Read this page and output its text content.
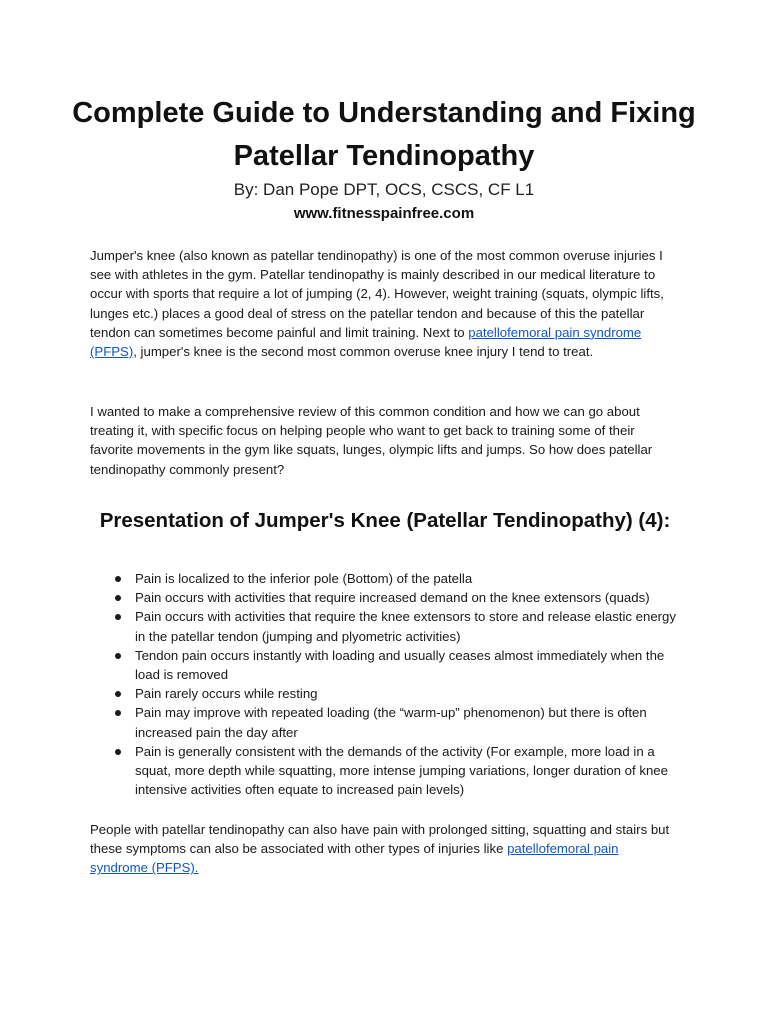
Complete Guide to Understanding and Fixing Patellar Tendinopathy

By: Dan Pope DPT, OCS, CSCS, CF L1

www.fitnesspainfree.com

Jumper's knee (also known as patellar tendinopathy) is one of the most common overuse injuries I see with athletes in the gym. Patellar tendinopathy is mainly described in our medical literature to occur with sports that require a lot of jumping (2, 4). However, weight training (squats, olympic lifts, lunges etc.) places a good deal of stress on the patellar tendon and because of this the patellar tendon can sometimes become painful and limit training. Next to patellofemoral pain syndrome (PFPS), jumper's knee is the second most common overuse knee injury I tend to treat.

I wanted to make a comprehensive review of this common condition and how we can go about treating it, with specific focus on helping people who want to get back to training some of their favorite movements in the gym like squats, lunges, olympic lifts and jumps. So how does patellar tendinopathy commonly present?

Presentation of Jumper's Knee (Patellar Tendinopathy) (4):
Pain is localized to the inferior pole (Bottom) of the patella
Pain occurs with activities that require increased demand on the knee extensors (quads)
Pain occurs with activities that require the knee extensors to store and release elastic energy in the patellar tendon (jumping and plyometric activities)
Tendon pain occurs instantly with loading and usually ceases almost immediately when the load is removed
Pain rarely occurs while resting
Pain may improve with repeated loading (the “warm-up” phenomenon) but there is often increased pain the day after
Pain is generally consistent with the demands of the activity (For example, more load in a squat, more depth while squatting, more intense jumping variations, longer duration of knee intensive activities often equate to increased pain levels)

People with patellar tendinopathy can also have pain with prolonged sitting, squatting and stairs but these symptoms can also be associated with other types of injuries like patellofemoral pain syndrome (PFPS).
